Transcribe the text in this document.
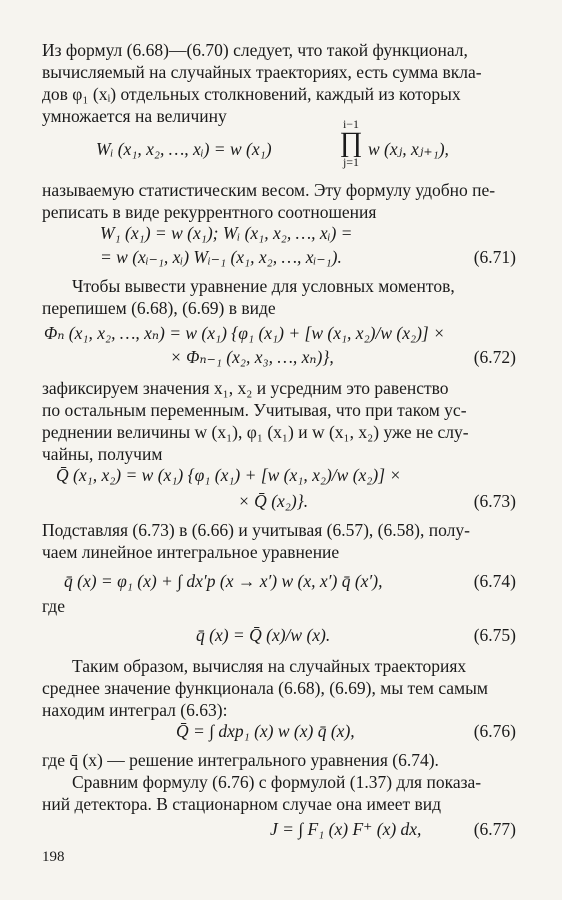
Из формул (6.68)—(6.70) следует, что такой функционал,
вычисляемый на случайных траекториях, есть сумма вкла-
дов φ₁ (xᵢ) отдельных столкновений, каждый из которых
умножается на величину
Wᵢ (x₁, x₂, …, xᵢ) = w (x₁)
i−1
∏
j=1
w (xⱼ, xⱼ₊₁),
называемую статистическим весом. Эту формулу удобно пе-
реписать в виде рекуррентного соотношения
W₁ (x₁) = w (x₁); Wᵢ (x₁, x₂, …, xᵢ) =
= w (xᵢ₋₁, xᵢ) Wᵢ₋₁ (x₁, x₂, …, xᵢ₋₁).	(6.71)
Чтобы вывести уравнение для условных моментов,
перепишем (6.68), (6.69) в виде
Φₙ (x₁, x₂, …, xₙ) = w (x₁) {φ₁ (x₁) + [w (x₁, x₂)/w (x₂)] ×
× Φₙ₋₁ (x₂, x₃, …, xₙ)},	(6.72)
зафиксируем значения x₁, x₂ и усредним это равенство
по остальным переменным. Учитывая, что при таком ус-
реднении величины w (x₁), φ₁ (x₁) и w (x₁, x₂) уже не слу-
чайны, получим
Q̄ (x₁, x₂) = w (x₁) {φ₁ (x₁) + [w (x₁, x₂)/w (x₂)] ×
× Q̄ (x₂)}.	(6.73)
Подставляя (6.73) в (6.66) и учитывая (6.57), (6.58), полу-
чаем линейное интегральное уравнение
q̄ (x) = φ₁ (x) + ∫ dx′p (x → x′) w (x, x′) q̄ (x′),	(6.74)
где
q̄ (x) = Q̄ (x)/w (x).	(6.75)
Таким образом, вычисляя на случайных траекториях
среднее значение функционала (6.68), (6.69), мы тем самым
находим интеграл (6.63):
Q̄ = ∫ dxp₁ (x) w (x) q̄ (x),	(6.76)
где q̄ (x) — решение интегрального уравнения (6.74).
Сравним формулу (6.76) с формулой (1.37) для показа-
ний детектора. В стационарном случае она имеет вид
J = ∫ F₁ (x) F⁺ (x) dx,	(6.77)
198
